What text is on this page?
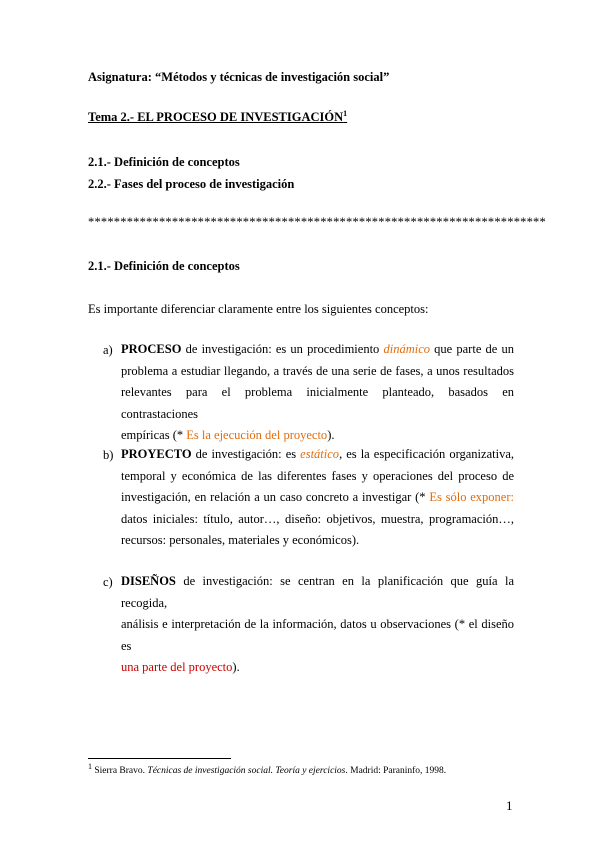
Asignatura: “Métodos y técnicas de investigación social”
Tema 2.- EL PROCESO DE INVESTIGACIÓN$^1$
2.1.- Definición de conceptos
2.2.- Fases del proceso de investigación
***********************************************************************
2.1.- Definición de conceptos
Es importante diferenciar claramente entre los siguientes conceptos:
a) PROCESO de investigación: es un procedimiento dinámico que parte de un
problema a estudiar llegando, a través de una serie de fases, a unos resultados
relevantes para el problema inicialmente planteado, basados en contrastaciones
empíricas (* Es la ejecución del proyecto).
b) PROYECTO de investigación: es estático, es la especificación organizativa,
temporal y económica de las diferentes fases y operaciones del proceso de
investigación, en relación a un caso concreto a investigar (* Es sólo exponer:
datos iniciales: título, autor…, diseño: objetivos, muestra, programación…,
recursos: personales, materiales y económicos).
c) DISEÑOS de investigación: se centran en la planificación que guía la recogida,
análisis e interpretación de la información, datos u observaciones (* el diseño es
una parte del proyecto).
$^1$ Sierra Bravo. Técnicas de investigación social. Teoría y ejercicios. Madrid: Paraninfo, 1998.
1
